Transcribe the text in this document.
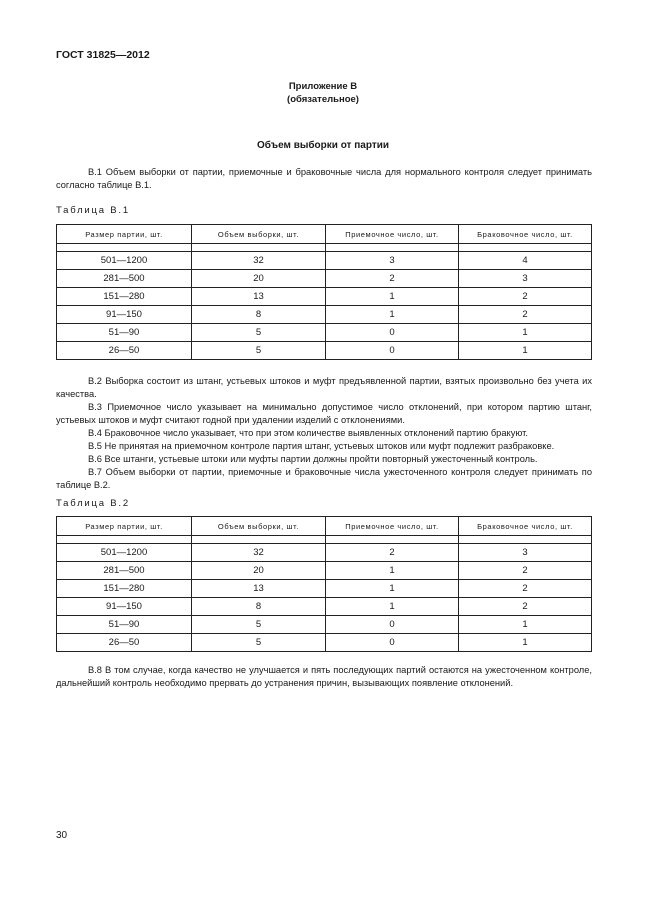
ГОСТ 31825—2012
Приложение В
(обязательное)
Объем выборки от партии

В.1 Объем выборки от партии, приемочные и браковочные числа для нормального контроля следует принимать согласно таблице В.1.

Таблица В.1
Размер партии, шт.	Объем выборки, шт.	Приемочное число, шт.	Браковочное число, шт.

501—1200	32	3	4
281—500	20	2	3
151—280	13	1	2
91—150	8	1	2
51—90	5	0	1
26—50	5	0	1

В.2 Выборка состоит из штанг, устьевых штоков и муфт предъявленной партии, взятых произвольно без учета их качества.

В.3 Приемочное число указывает на минимально допустимое число отклонений, при котором партию штанг, устьевых штоков и муфт считают годной при удалении изделий с отклонениями.

В.4 Браковочное число указывает, что при этом количестве выявленных отклонений партию бракуют.

В.5 Не принятая на приемочном контроле партия штанг, устьевых штоков или муфт подлежит разбраковке.

В.6 Все штанги, устьевые штоки или муфты партии должны пройти повторный ужесточенный контроль.

В.7 Объем выборки от партии, приемочные и браковочные числа ужесточенного контроля следует принимать по таблице В.2.

Таблица В.2
Размер партии, шт.	Объем выборки, шт.	Приемочное число, шт.	Браковочное число, шт.

501—1200	32	2	3
281—500	20	1	2
151—280	13	1	2
91—150	8	1	2
51—90	5	0	1
26—50	5	0	1

В.8 В том случае, когда качество не улучшается и пять последующих партий остаются на ужесточенном контроле, дальнейший контроль необходимо прервать до устранения причин, вызывающих появление отклонений.

30
